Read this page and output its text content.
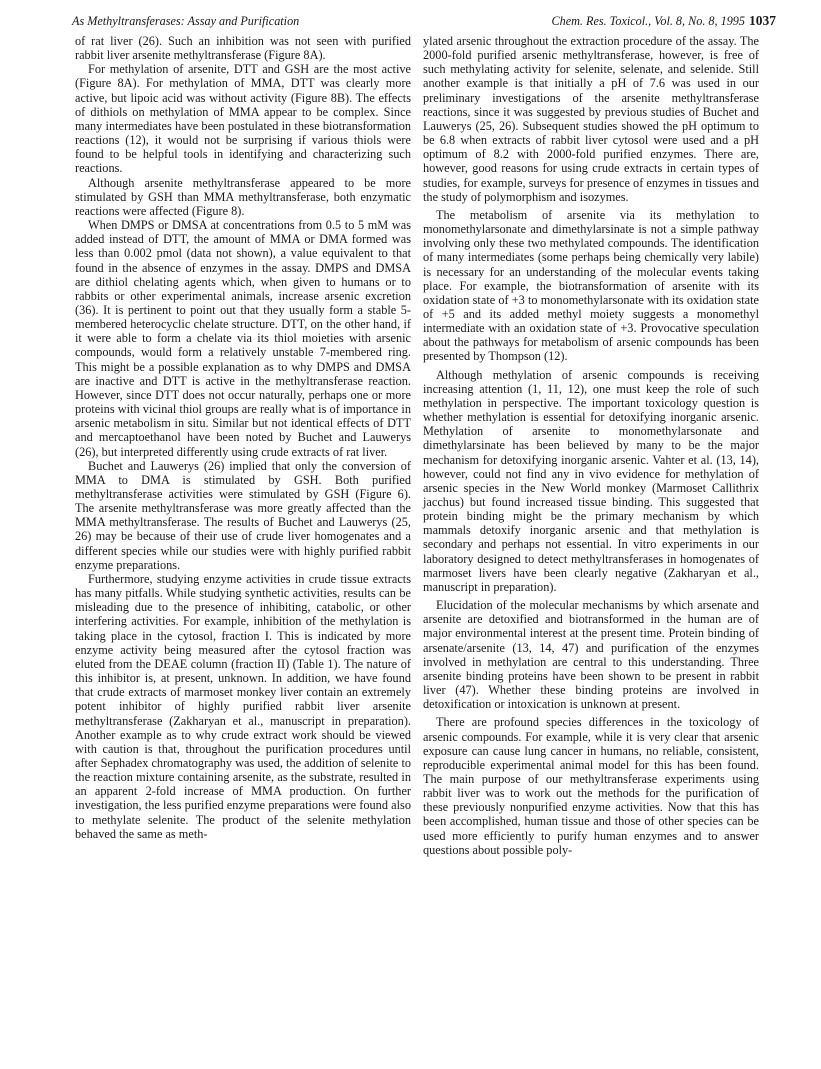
As Methyltransferases: Assay and Purification	Chem. Res. Toxicol., Vol. 8, No. 8, 1995 1037

of rat liver (26). Such an inhibition was not seen with purified rabbit liver arsenite methyltransferase (Figure 8A).

For methylation of arsenite, DTT and GSH are the most active (Figure 8A). For methylation of MMA, DTT was clearly more active, but lipoic acid was without activity (Figure 8B). The effects of dithiols on methylation of MMA appear to be complex. Since many intermediates have been postulated in these biotransformation reactions (12), it would not be surprising if various thiols were found to be helpful tools in identifying and characterizing such reactions.

Although arsenite methyltransferase appeared to be more stimulated by GSH than MMA methyltransferase, both enzymatic reactions were affected (Figure 8).

When DMPS or DMSA at concentrations from 0.5 to 5 mM was added instead of DTT, the amount of MMA or DMA formed was less than 0.002 pmol (data not shown), a value equivalent to that found in the absence of enzymes in the assay. DMPS and DMSA are dithiol chelating agents which, when given to humans or to rabbits or other experimental animals, increase arsenic excretion (36). It is pertinent to point out that they usually form a stable 5-membered heterocyclic chelate structure. DTT, on the other hand, if it were able to form a chelate via its thiol moieties with arsenic compounds, would form a relatively unstable 7-membered ring. This might be a possible explanation as to why DMPS and DMSA are inactive and DTT is active in the methyltransferase reaction. However, since DTT does not occur naturally, perhaps one or more proteins with vicinal thiol groups are really what is of importance in arsenic metabolism in situ. Similar but not identical effects of DTT and mercaptoethanol have been noted by Buchet and Lauwerys (26), but interpreted differently using crude extracts of rat liver.

Buchet and Lauwerys (26) implied that only the conversion of MMA to DMA is stimulated by GSH. Both purified methyltransferase activities were stimulated by GSH (Figure 6). The arsenite methyltransferase was more greatly affected than the MMA methyltransferase. The results of Buchet and Lauwerys (25, 26) may be because of their use of crude liver homogenates and a different species while our studies were with highly purified rabbit enzyme preparations.

Furthermore, studying enzyme activities in crude tissue extracts has many pitfalls. While studying synthetic activities, results can be misleading due to the presence of inhibiting, catabolic, or other interfering activities. For example, inhibition of the methylation is taking place in the cytosol, fraction I. This is indicated by more enzyme activity being measured after the cytosol fraction was eluted from the DEAE column (fraction II) (Table 1). The nature of this inhibitor is, at present, unknown. In addition, we have found that crude extracts of marmoset monkey liver contain an extremely potent inhibitor of highly purified rabbit liver arsenite methyltransferase (Zakharyan et al., manuscript in preparation). Another example as to why crude extract work should be viewed with caution is that, throughout the purification procedures until after Sephadex chromatography was used, the addition of selenite to the reaction mixture containing arsenite, as the substrate, resulted in an apparent 2-fold increase of MMA production. On further investigation, the less purified enzyme preparations were found also to methylate selenite. The product of the selenite methylation behaved the same as meth-

ylated arsenic throughout the extraction procedure of the assay. The 2000-fold purified arsenic methyltransferase, however, is free of such methylating activity for selenite, selenate, and selenide. Still another example is that initially a pH of 7.6 was used in our preliminary investigations of the arsenite methyltransferase reactions, since it was suggested by previous studies of Buchet and Lauwerys (25, 26). Subsequent studies showed the pH optimum to be 6.8 when extracts of rabbit liver cytosol were used and a pH optimum of 8.2 with 2000-fold purified enzymes. There are, however, good reasons for using crude extracts in certain types of studies, for example, surveys for presence of enzymes in tissues and the study of polymorphism and isozymes.

The metabolism of arsenite via its methylation to monomethylarsonate and dimethylarsinate is not a simple pathway involving only these two methylated compounds. The identification of many intermediates (some perhaps being chemically very labile) is necessary for an understanding of the molecular events taking place. For example, the biotransformation of arsenite with its oxidation state of +3 to monomethylarsonate with its oxidation state of +5 and its added methyl moiety suggests a monomethyl intermediate with an oxidation state of +3. Provocative speculation about the pathways for metabolism of arsenic compounds has been presented by Thompson (12).

Although methylation of arsenic compounds is receiving increasing attention (1, 11, 12), one must keep the role of such methylation in perspective. The important toxicology question is whether methylation is essential for detoxifying inorganic arsenic. Methylation of arsenite to monomethylarsonate and dimethylarsinate has been believed by many to be the major mechanism for detoxifying inorganic arsenic. Vahter et al. (13, 14), however, could not find any in vivo evidence for methylation of arsenic species in the New World monkey (Marmoset Callithrix jacchus) but found increased tissue binding. This suggested that protein binding might be the primary mechanism by which mammals detoxify inorganic arsenic and that methylation is secondary and perhaps not essential. In vitro experiments in our laboratory designed to detect methyltransferases in homogenates of marmoset livers have been clearly negative (Zakharyan et al., manuscript in preparation).

Elucidation of the molecular mechanisms by which arsenate and arsenite are detoxified and biotransformed in the human are of major environmental interest at the present time. Protein binding of arsenate/arsenite (13, 14, 47) and purification of the enzymes involved in methylation are central to this understanding. Three arsenite binding proteins have been shown to be present in rabbit liver (47). Whether these binding proteins are involved in detoxification or intoxication is unknown at present.

There are profound species differences in the toxicology of arsenic compounds. For example, while it is very clear that arsenic exposure can cause lung cancer in humans, no reliable, consistent, reproducible experimental animal model for this has been found. The main purpose of our methyltransferase experiments using rabbit liver was to work out the methods for the purification of these previously nonpurified enzyme activities. Now that this has been accomplished, human tissue and those of other species can be used more efficiently to purify human enzymes and to answer questions about possible poly-
